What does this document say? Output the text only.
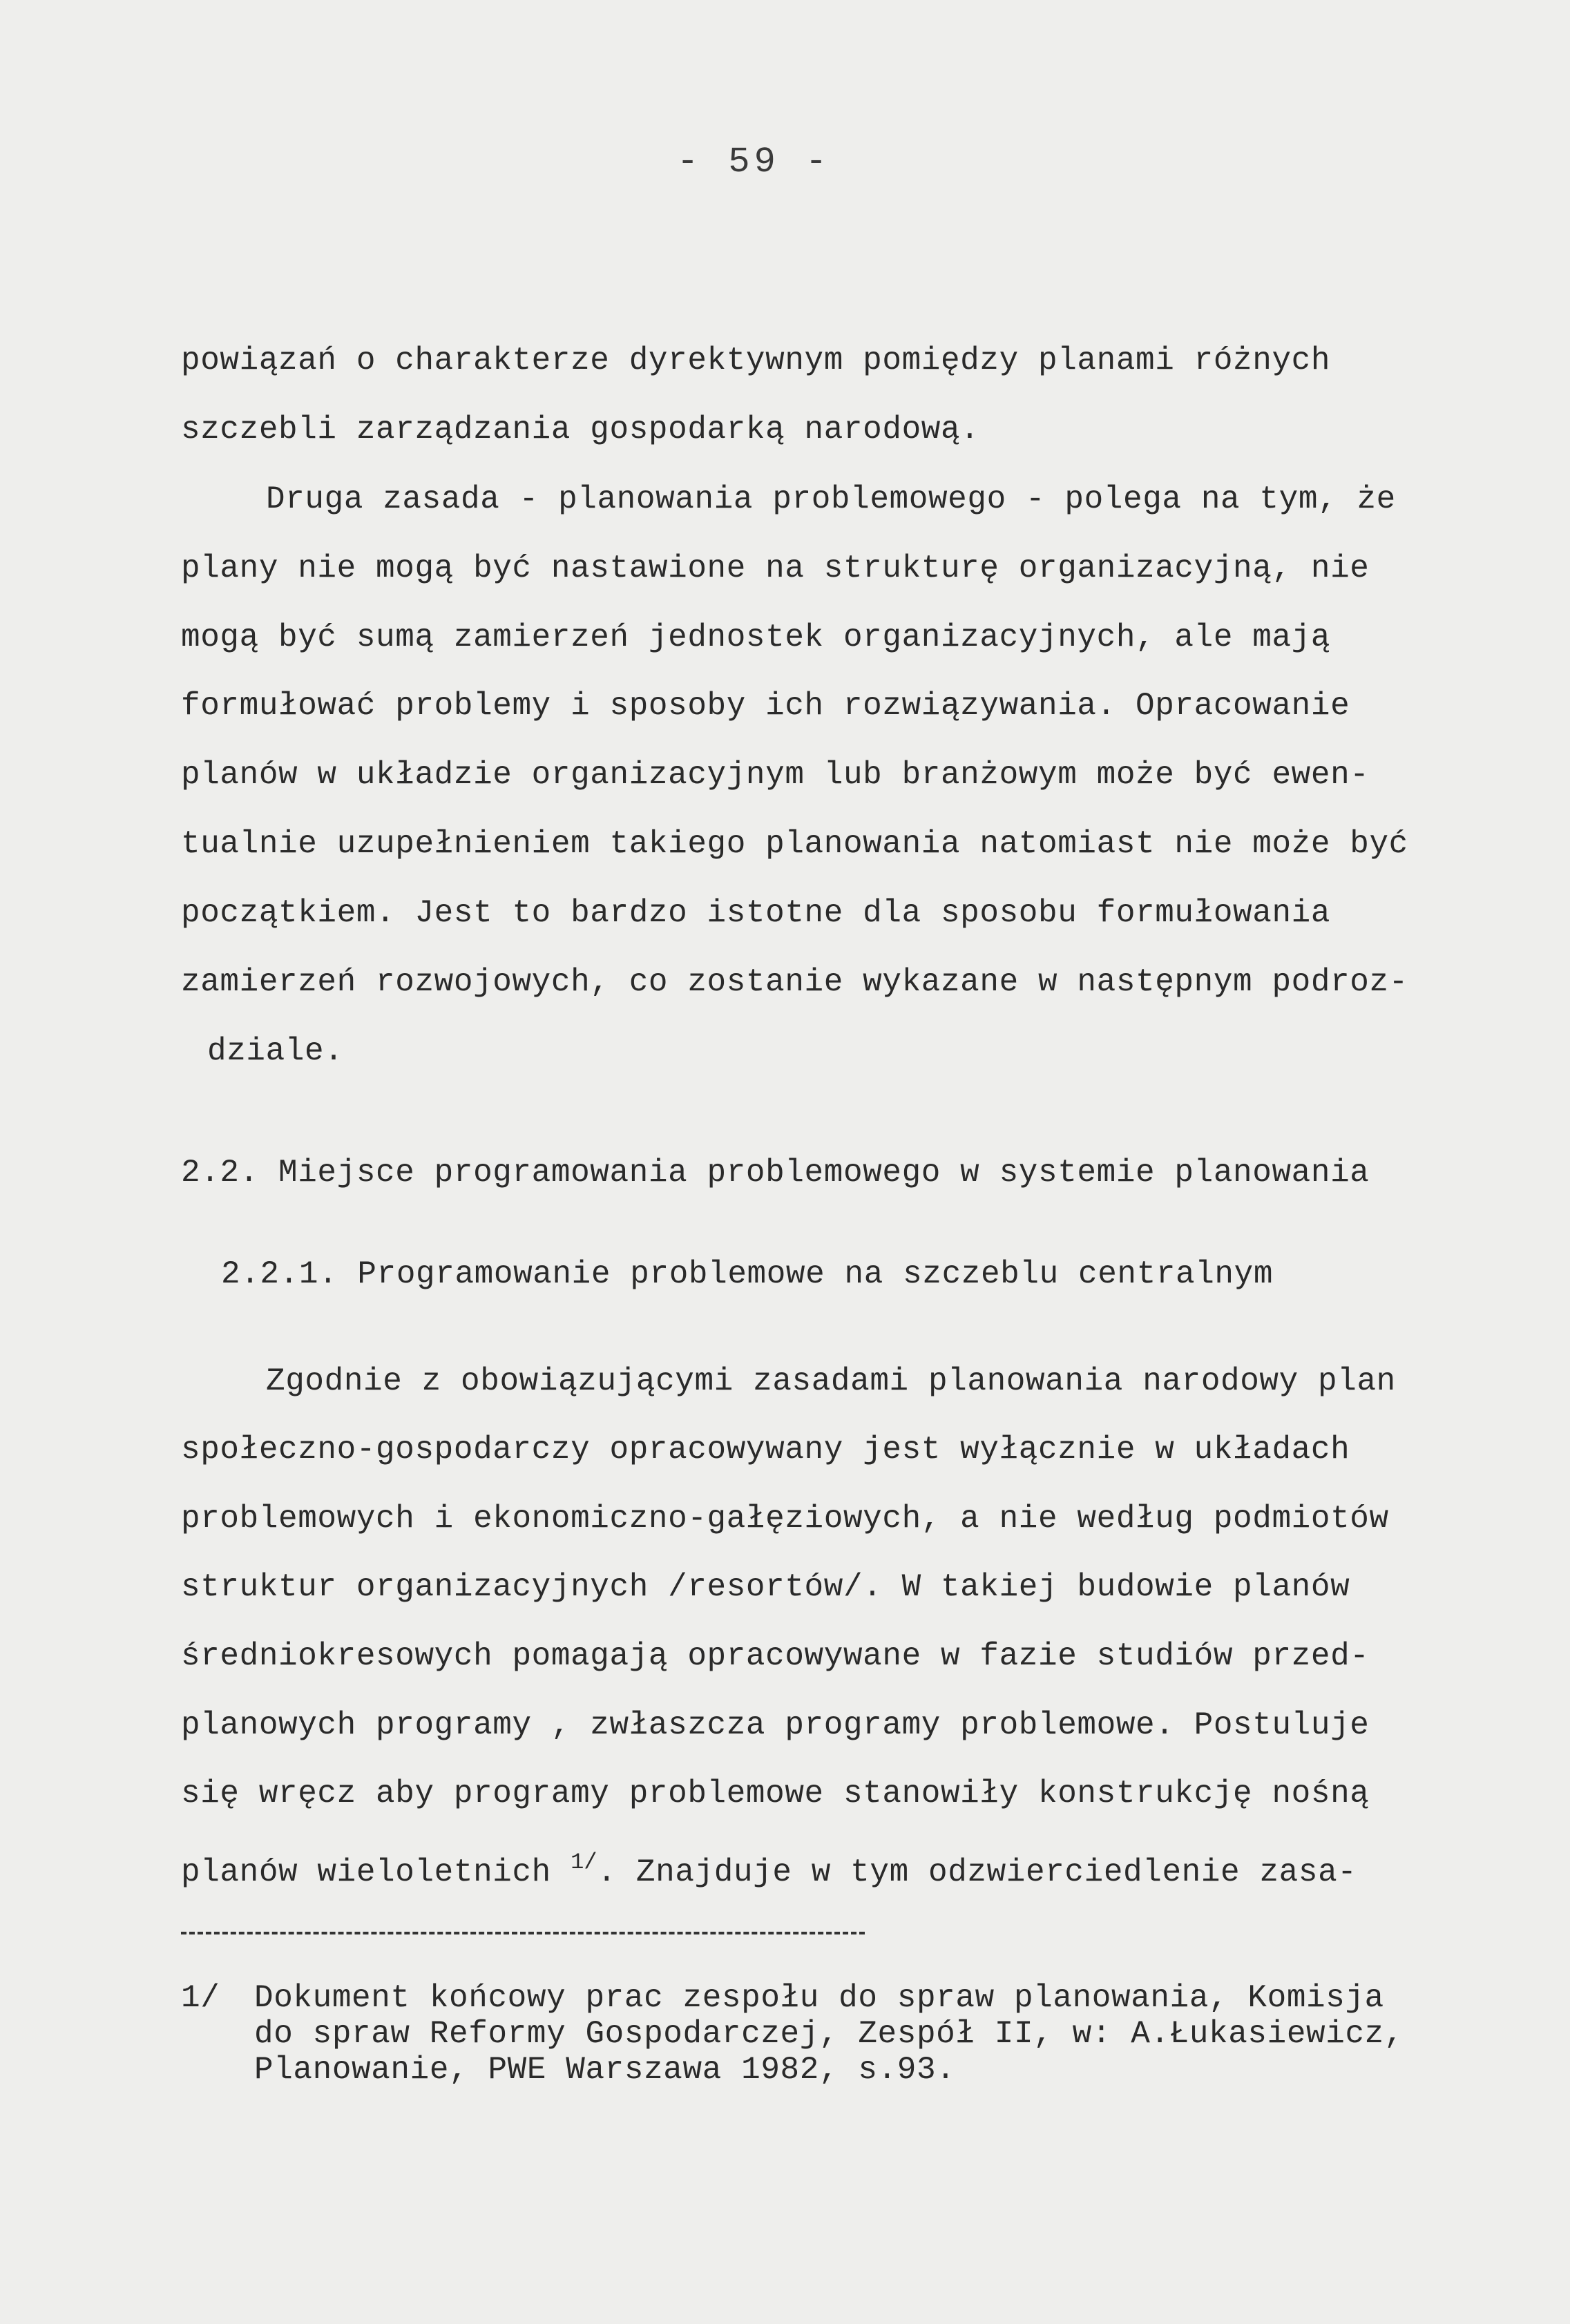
- 59 -
powiązań o charakterze dyrektywnym pomiędzy planami różnych
szczebli zarządzania gospodarką narodową.
Druga zasada - planowania problemowego - polega na tym, że
plany nie mogą być nastawione na strukturę organizacyjną, nie
mogą być sumą zamierzeń jednostek organizacyjnych, ale mają
formułować problemy i sposoby ich rozwiązywania. Opracowanie
planów w układzie organizacyjnym lub branżowym może być ewen-
tualnie uzupełnieniem takiego planowania natomiast nie może być
początkiem. Jest to bardzo istotne dla sposobu formułowania
zamierzeń rozwojowych, co zostanie wykazane w następnym podroz-
dziale.
2.2. Miejsce programowania problemowego w systemie planowania
2.2.1. Programowanie problemowe na szczeblu centralnym
Zgodnie z obowiązującymi zasadami planowania narodowy plan
społeczno-gospodarczy opracowywany jest wyłącznie w układach
problemowych i ekonomiczno-gałęziowych, a nie według podmiotów
struktur organizacyjnych /resortów/. W takiej budowie planów
średniokresowych pomagają opracowywane w fazie studiów przed-
planowych programy , zwłaszcza programy problemowe. Postuluje
się wręcz aby programy problemowe stanowiły konstrukcję nośną
planów wieloletnich $^{1/}$. Znajduje w tym odzwierciedlenie zasa-
1/ Dokument końcowy prac zespołu do spraw planowania, Komisja
do spraw Reformy Gospodarczej, Zespół II, w: A.Łukasiewicz,
Planowanie, PWE Warszawa 1982, s.93.
